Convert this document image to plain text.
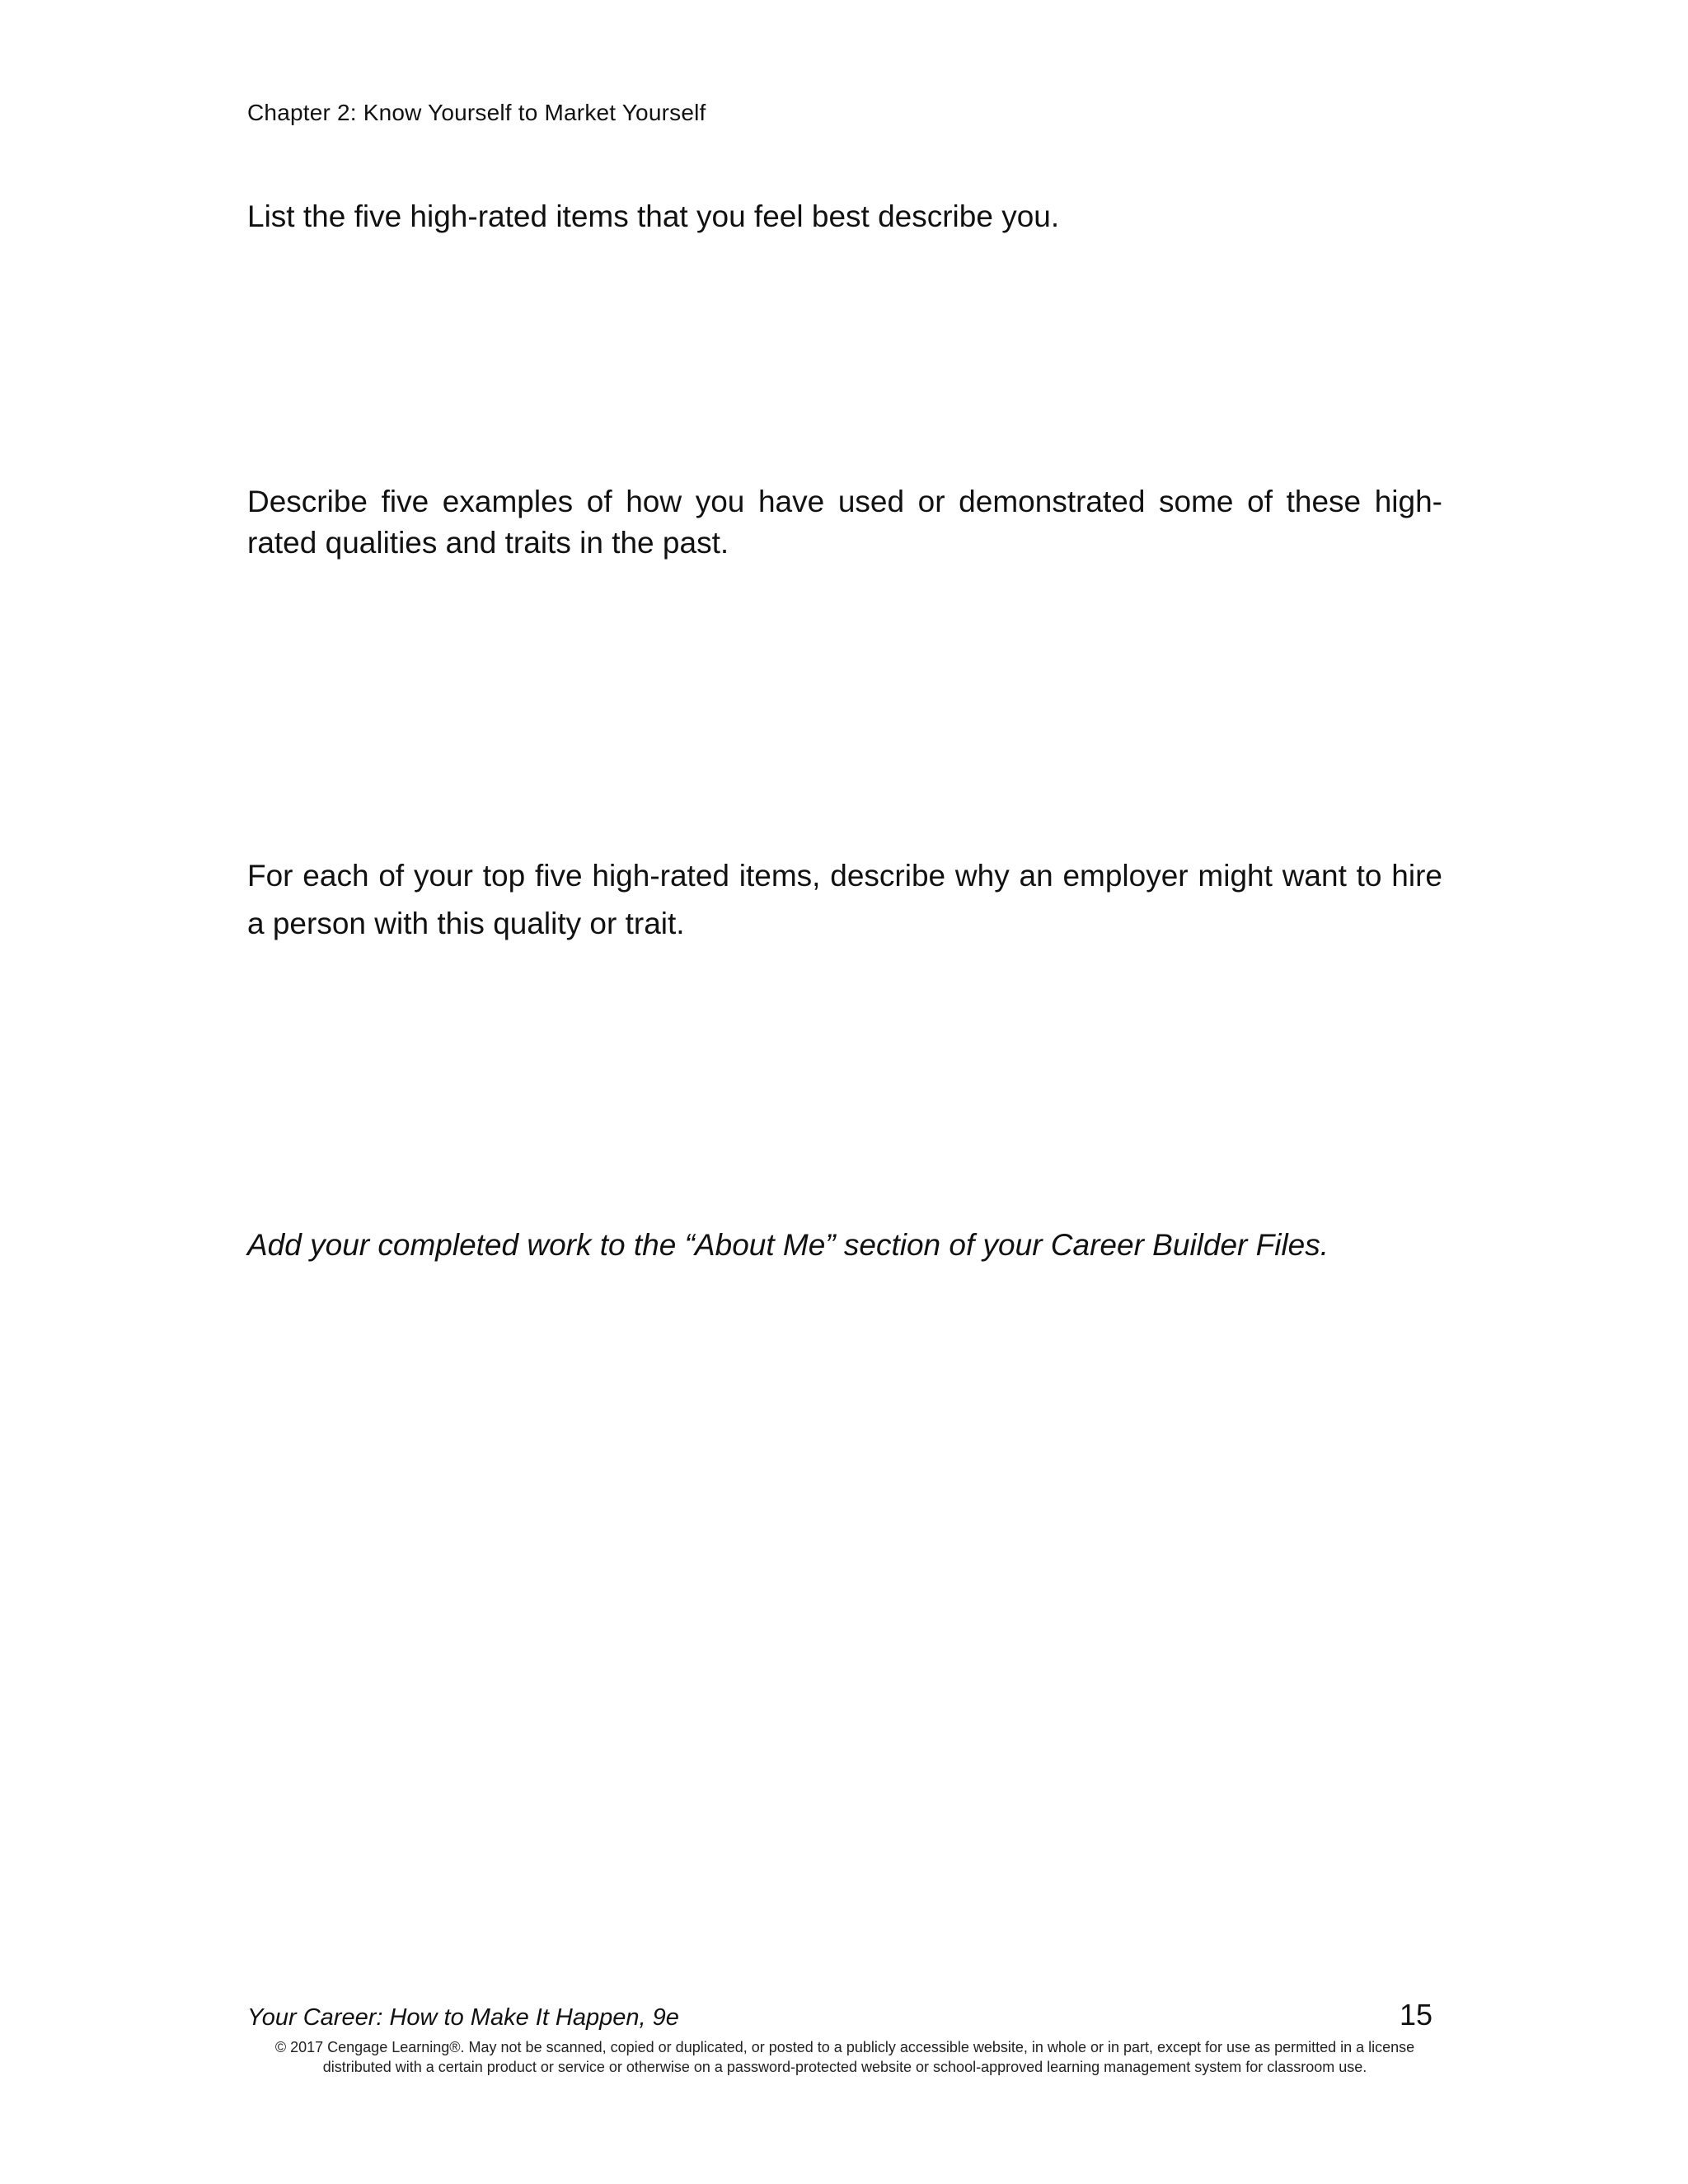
Chapter 2: Know Yourself to Market Yourself
List the five high-rated items that you feel best describe you.
Describe five examples of how you have used or demonstrated some of these high-rated qualities and traits in the past.
For each of your top five high-rated items, describe why an employer might want to hire a person with this quality or trait.
Add your completed work to the “About Me” section of your Career Builder Files.
Your Career: How to Make It Happen, 9e	15
© 2017 Cengage Learning®. May not be scanned, copied or duplicated, or posted to a publicly accessible website, in whole or in part, except for use as permitted in a license distributed with a certain product or service or otherwise on a password-protected website or school-approved learning management system for classroom use.
